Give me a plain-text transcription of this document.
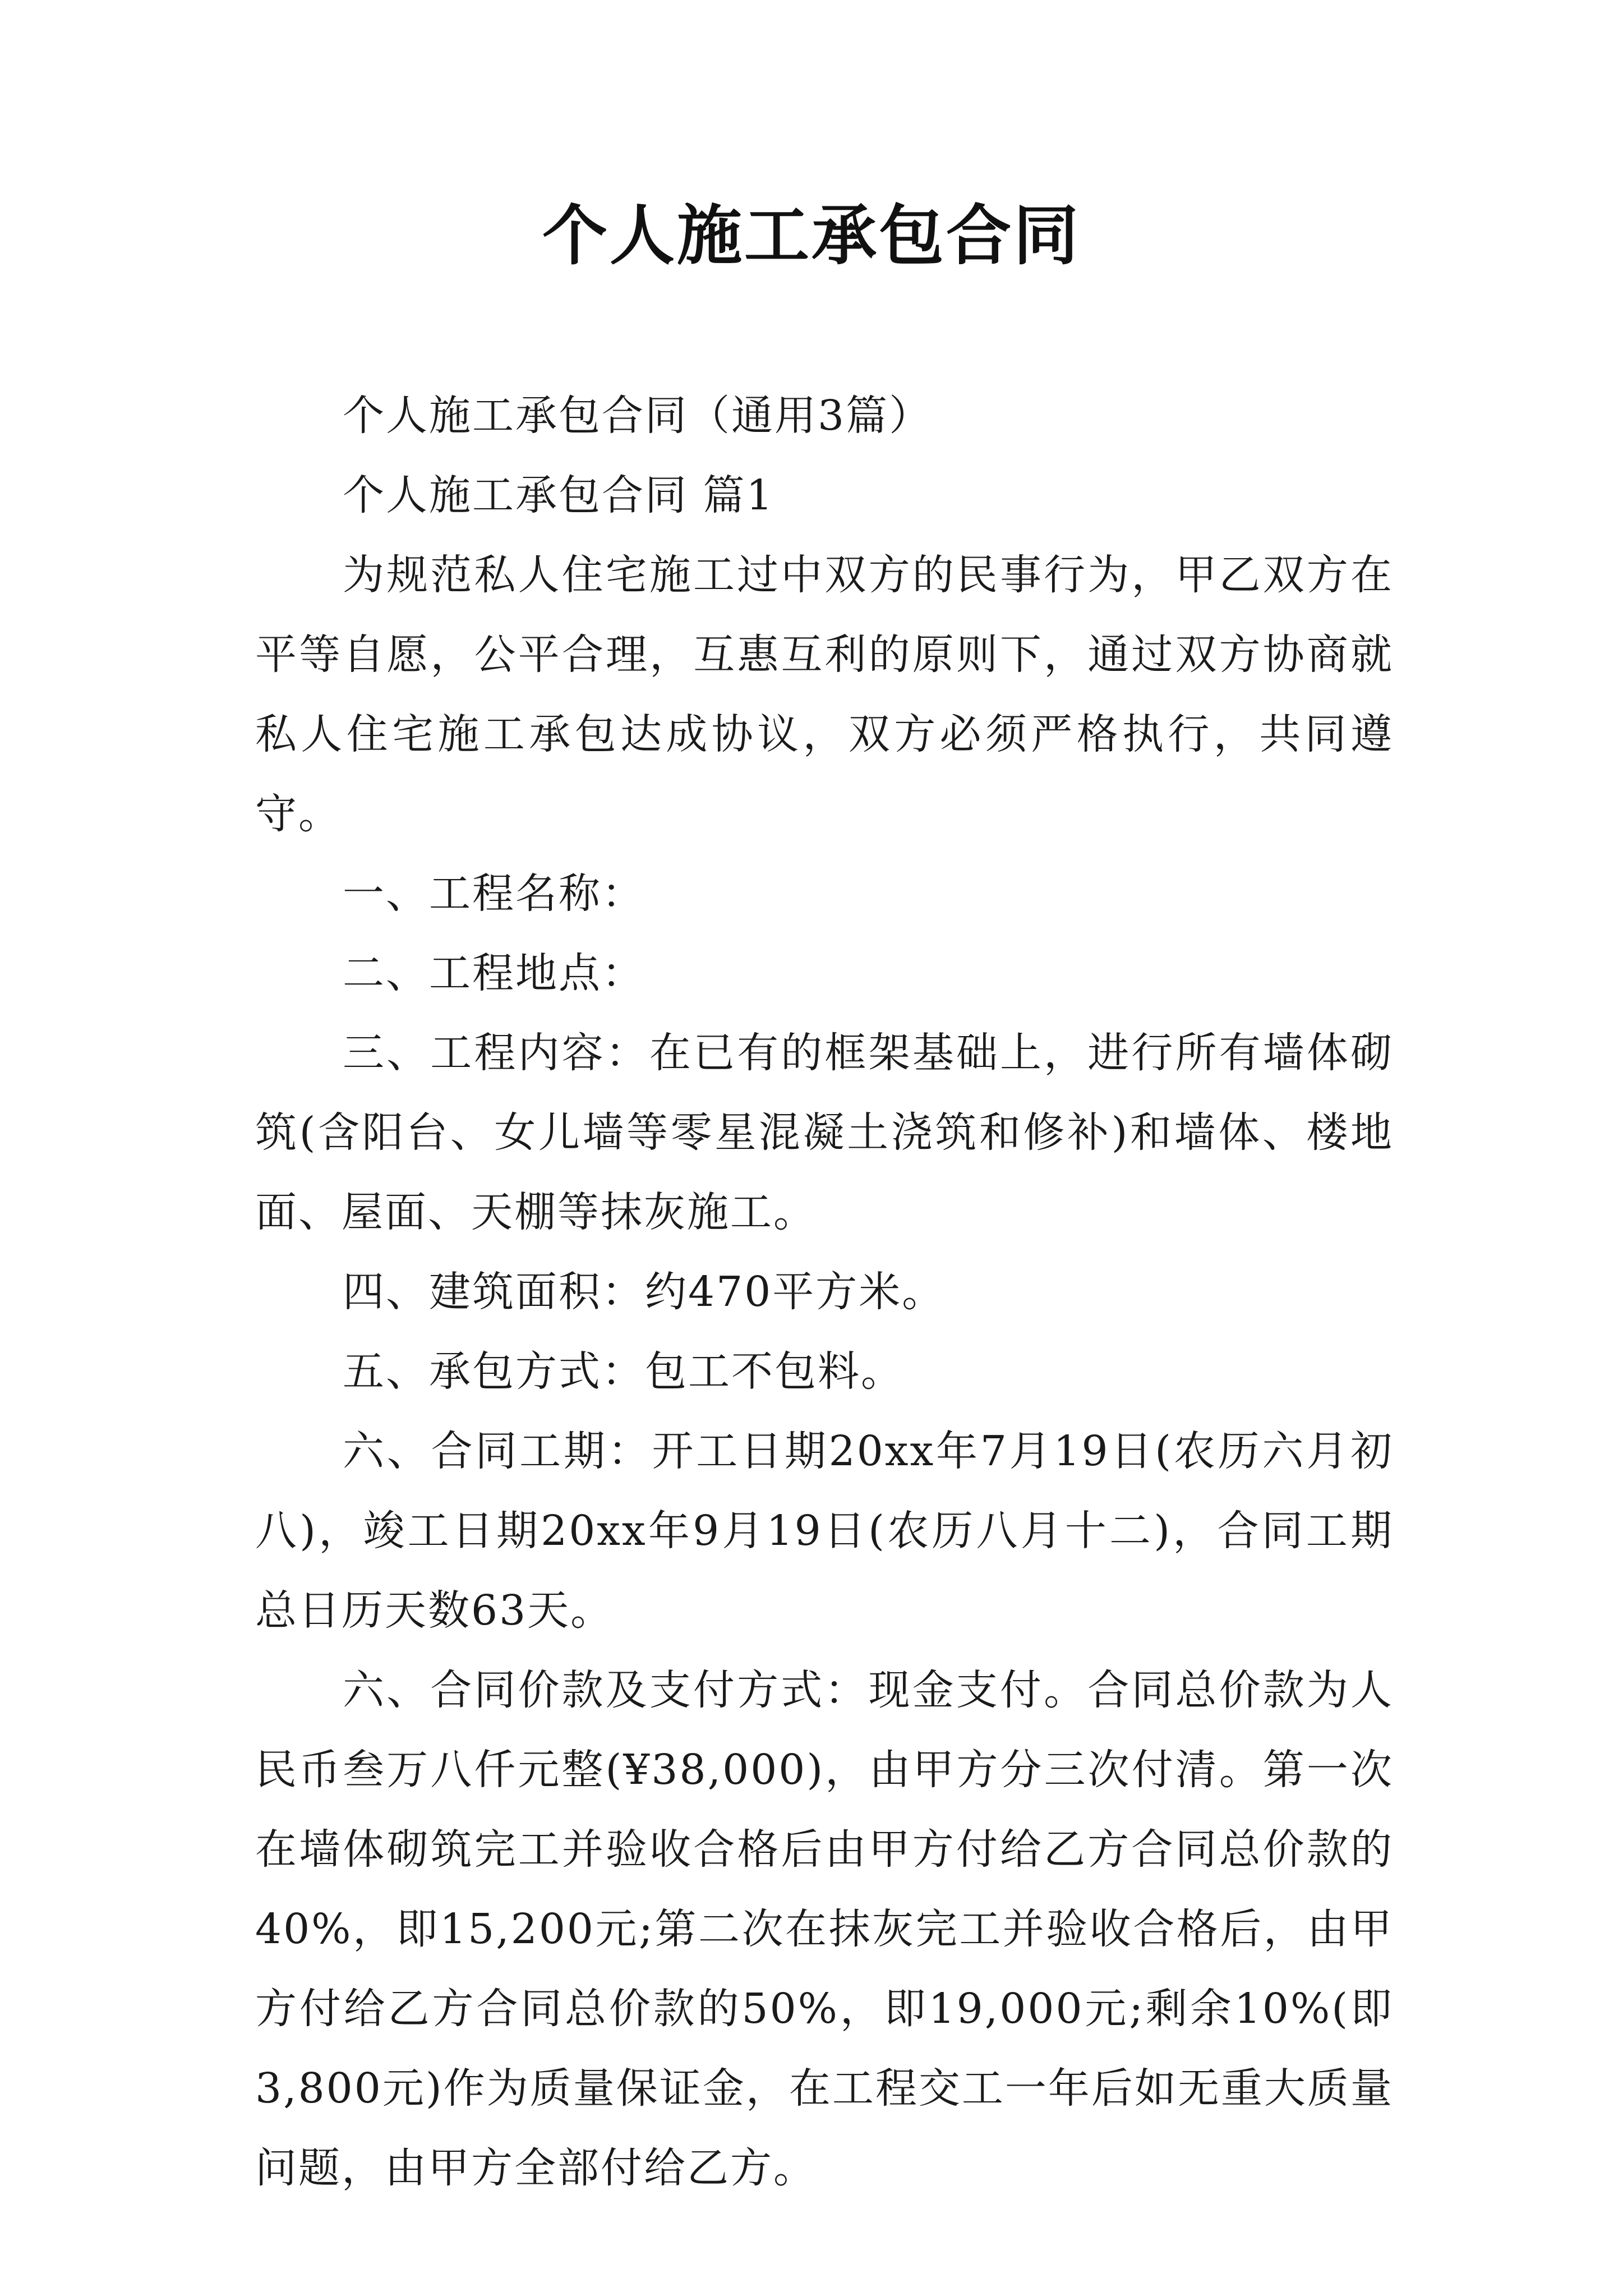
个人施工承包合同

个人施工承包合同（通用3篇）

个人施工承包合同 篇1

为规范私人住宅施工过中双方的民事行为，甲乙双方在平等自愿，公平合理，互惠互利的原则下，通过双方协商就私人住宅施工承包达成协议，双方必须严格执行，共同遵守。

一、工程名称：

二、工程地点：

三、工程内容：在已有的框架基础上，进行所有墙体砌筑(含阳台、女儿墙等零星混凝土浇筑和修补)和墙体、楼地面、屋面、天棚等抹灰施工。

四、建筑面积：约470平方米。

五、承包方式：包工不包料。

六、合同工期：开工日期20xx年7月19日(农历六月初八)，竣工日期20xx年9月19日(农历八月十二)，合同工期总日历天数63天。

六、合同价款及支付方式：现金支付。合同总价款为人民币叁万八仟元整(¥38,000)，由甲方分三次付清。第一次在墙体砌筑完工并验收合格后由甲方付给乙方合同总价款的40%，即15,200元;第二次在抹灰完工并验收合格后，由甲方付给乙方合同总价款的50%，即19,000元;剩余10%(即3,800元)作为质量保证金，在工程交工一年后如无重大质量问题，由甲方全部付给乙方。
